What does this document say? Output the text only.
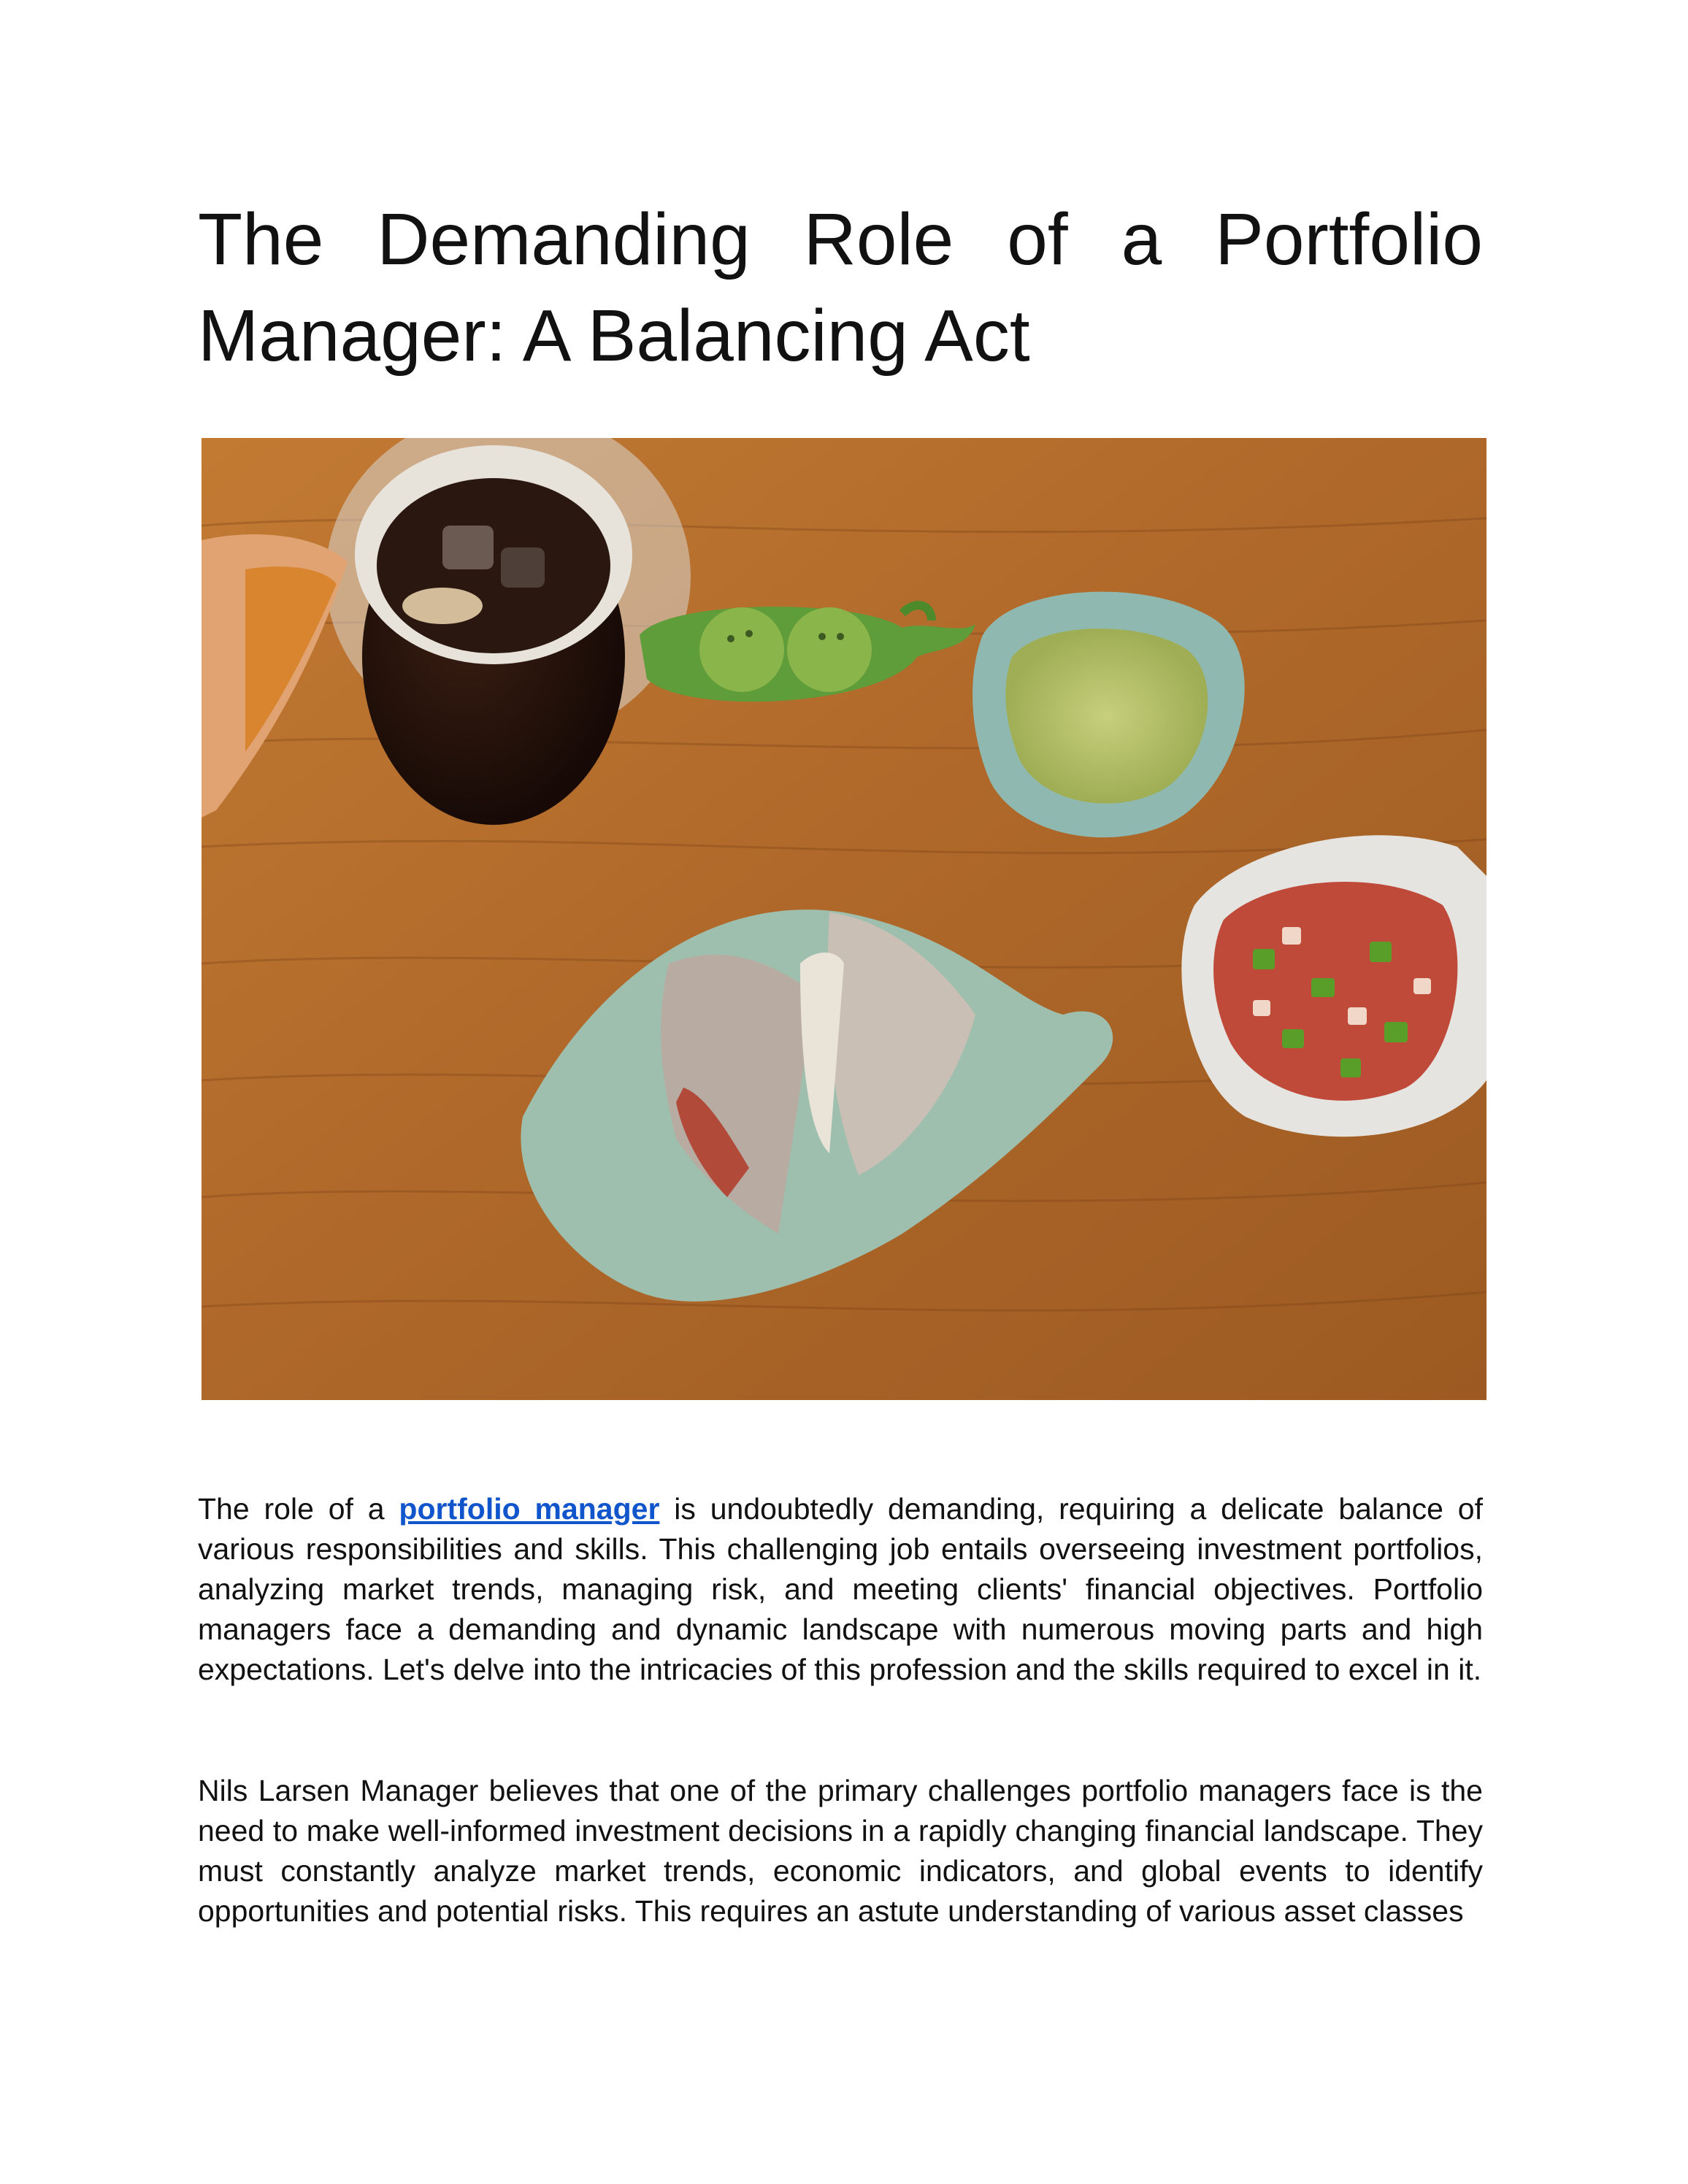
The Demanding Role of a Portfolio Manager: A Balancing Act

The role of a portfolio manager is undoubtedly demanding, requiring a delicate balance of various responsibilities and skills. This challenging job entails overseeing investment portfolios, analyzing market trends, managing risk, and meeting clients' financial objectives. Portfolio managers face a demanding and dynamic landscape with numerous moving parts and high expectations. Let's delve into the intricacies of this profession and the skills required to excel in it.

Nils Larsen Manager believes that one of the primary challenges portfolio managers face is the need to make well-informed investment decisions in a rapidly changing financial landscape. They must constantly analyze market trends, economic indicators, and global events to identify opportunities and potential risks. This requires an astute understanding of various asset classes
